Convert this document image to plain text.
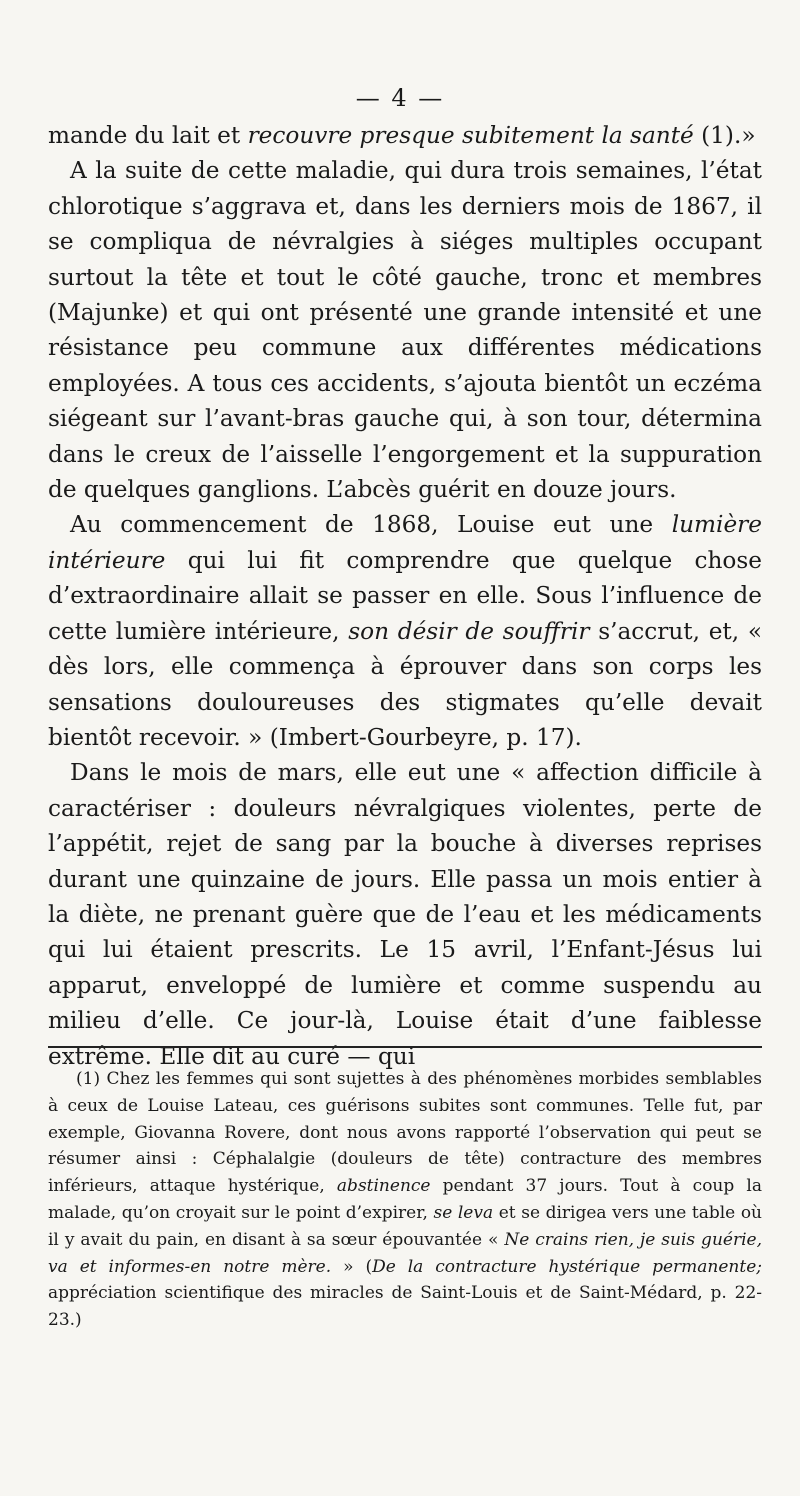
— 4 —

mande du lait et recouvre presque subitement la santé (1).»

A la suite de cette maladie, qui dura trois semaines, l’état chlorotique s’aggrava et, dans les derniers mois de 1867, il se compliqua de névralgies à siéges multiples occupant surtout la tête et tout le côté gauche, tronc et membres (Majunke) et qui ont présenté une grande intensité et une résistance peu commune aux différentes médications employées. A tous ces accidents, s’ajouta bientôt un eczéma siégeant sur l’avant-bras gauche qui, à son tour, détermina dans le creux de l’aisselle l’engorgement et la suppuration de quelques ganglions. L’abcès guérit en douze jours.

Au commencement de 1868, Louise eut une lumière intérieure qui lui fit comprendre que quelque chose d’extraordinaire allait se passer en elle. Sous l’influence de cette lumière intérieure, son désir de souffrir s’accrut, et, « dès lors, elle commença à éprouver dans son corps les sensations douloureuses des stigmates qu’elle devait bientôt recevoir. » (Imbert-Gourbeyre, p. 17).

Dans le mois de mars, elle eut une « affection difficile à caractériser : douleurs névralgiques violentes, perte de l’appétit, rejet de sang par la bouche à diverses reprises durant une quinzaine de jours. Elle passa un mois entier à la diète, ne prenant guère que de l’eau et les médicaments qui lui étaient prescrits. Le 15 avril, l’Enfant-Jésus lui apparut, enveloppé de lumière et comme suspendu au milieu d’elle. Ce jour-là, Louise était d’une faiblesse extrême. Elle dit au curé — qui

(1) Chez les femmes qui sont sujettes à des phénomènes morbides semblables à ceux de Louise Lateau, ces guérisons subites sont communes. Telle fut, par exemple, Giovanna Rovere, dont nous avons rapporté l’observation qui peut se résumer ainsi : Céphalalgie (douleurs de tête) contracture des membres inférieurs, attaque hystérique, abstinence pendant 37 jours. Tout à coup la malade, qu’on croyait sur le point d’expirer, se leva et se dirigea vers une table où il y avait du pain, en disant à sa sœur épouvantée « Ne crains rien, je suis guérie, va et informes-en notre mère. » (De la contracture hystérique permanente; appréciation scientifique des miracles de Saint-Louis et de Saint-Médard, p. 22-23.)
